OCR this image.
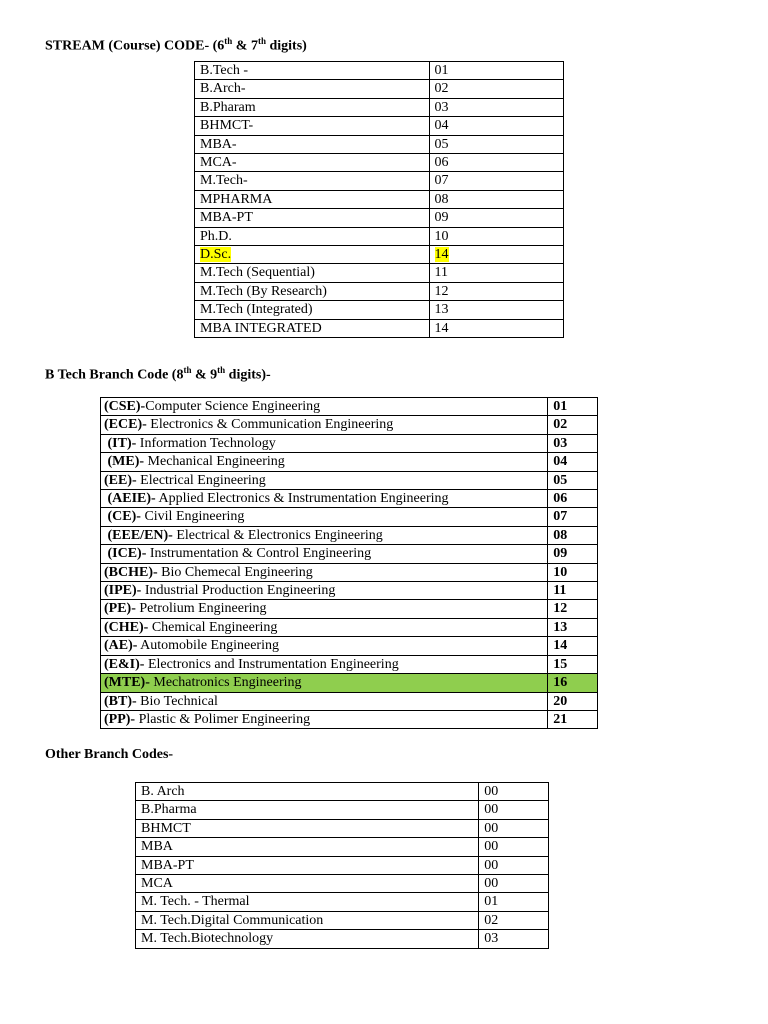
STREAM (Course) CODE- (6th & 7th digits)
B.Tech -	01
B.Arch-	02
B.Pharam	03
BHMCT-	04
MBA-	05
MCA-	06
M.Tech-	07
MPHARMA	08
MBA-PT	09
Ph.D.	10
D.Sc.	14
M.Tech (Sequential)	11
M.Tech (By Research)	12
M.Tech (Integrated)	13
MBA INTEGRATED	14
B Tech Branch Code (8th & 9th digits)-
(CSE)-Computer Science Engineering	01
(ECE)- Electronics & Communication Engineering	02
(IT)- Information Technology	03
(ME)- Mechanical Engineering	04
(EE)- Electrical Engineering	05
(AEIE)- Applied Electronics & Instrumentation Engineering	06
(CE)- Civil Engineering	07
(EEE/EN)- Electrical & Electronics Engineering	08
(ICE)- Instrumentation & Control Engineering	09
(BCHE)- Bio Chemecal Engineering	10
(IPE)- Industrial Production Engineering	11
(PE)- Petrolium Engineering	12
(CHE)- Chemical Engineering	13
(AE)- Automobile Engineering	14
(E&I)- Electronics and Instrumentation Engineering	15
(MTE)- Mechatronics Engineering	16
(BT)- Bio Technical	20
(PP)- Plastic & Polimer Engineering	21
Other Branch Codes-
B. Arch	00
B.Pharma	00
BHMCT	00
MBA	00
MBA-PT	00
MCA	00
M. Tech. - Thermal	01
M. Tech.Digital Communication	02
M. Tech.Biotechnology	03
